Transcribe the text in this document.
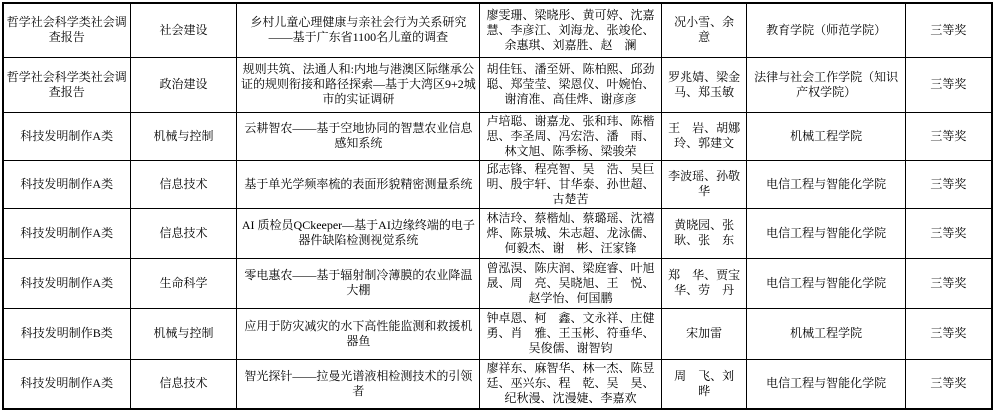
哲学社会科学类社会调查报告	社会建设	乡村儿童心理健康与亲社会行为关系研究——基于广东省1100名儿童的调查	廖雯珊、梁晓彤、黄可婷、沈嘉慧、李彦江、刘海龙、张竣伦、余惠琪、刘嘉胜、赵　澜	况小雪、余　意	教育学院（师范学院）	三等奖
哲学社会科学类社会调查报告	政治建设	规则共筑、法通人和:内地与港澳区际继承公证的规则衔接和路径探索—基于大湾区9+2城市的实证调研	胡佳钰、潘至妍、陈柏熙、邱劲聪、郑莹莹、梁恩仪、叶婉怡、谢淯准、高佳烨、谢彦彦	罗兆婧、梁金马、郑玉敏	法律与社会工作学院（知识产权学院）	三等奖
科技发明制作A类	机械与控制	云耕智农——基于空地协同的智慧农业信息感知系统	卢培聪、谢嘉龙、张和玮、陈楷思、李圣周、冯宏浩、潘　雨、林文旭、陈季杨、梁骏荣	王　岩、胡娜玲、郭建文	机械工程学院	三等奖
科技发明制作A类	信息技术	基于单光学频率梳的表面形貌精密测量系统	邱志锋、程亮智、吴　浩、吴巨明、殷宇轩、甘华泰、孙世超、古楚苦	李波瑶、孙敬华	电信工程与智能化学院	三等奖
科技发明制作A类	信息技术	AI 质检员QCkeeper—基于AI边缘终端的电子器件缺陷检测视觉系统	林洁玲、蔡楷灿、蔡璐瑶、沈禧烨、陈景城、朱志超、龙泳儒、何毅杰、谢　彬、汪家锋	黄晓园、张　耿、张　东	电信工程与智能化学院	三等奖
科技发明制作A类	生命科学	零电惠农——基于辐射制冷薄膜的农业降温大棚	曾泓淏、陈庆润、梁庭睿、叶旭晟、周　亮、吴晓旭、王　悦、赵学怡、何国鹏	郑　华、贾宝华、劳　丹	电信工程与智能化学院	三等奖
科技发明制作B类	机械与控制	应用于防灾减灾的水下高性能监测和救援机器鱼	钟卓恩、柯　鑫、文永祥、庄健勇、肖　雅、王玉彬、符垂华、吴俊儒、谢智钧	宋加雷	机械工程学院	三等奖
科技发明制作A类	信息技术	智光探针——拉曼光谱液相检测技术的引领者	廖祥东、麻智华、林一杰、陈昱廷、巫兴东、程　乾、吴　昊、纪秋漫、沈漫婕、李嘉欢	周　飞、刘　晔	电信工程与智能化学院	三等奖
